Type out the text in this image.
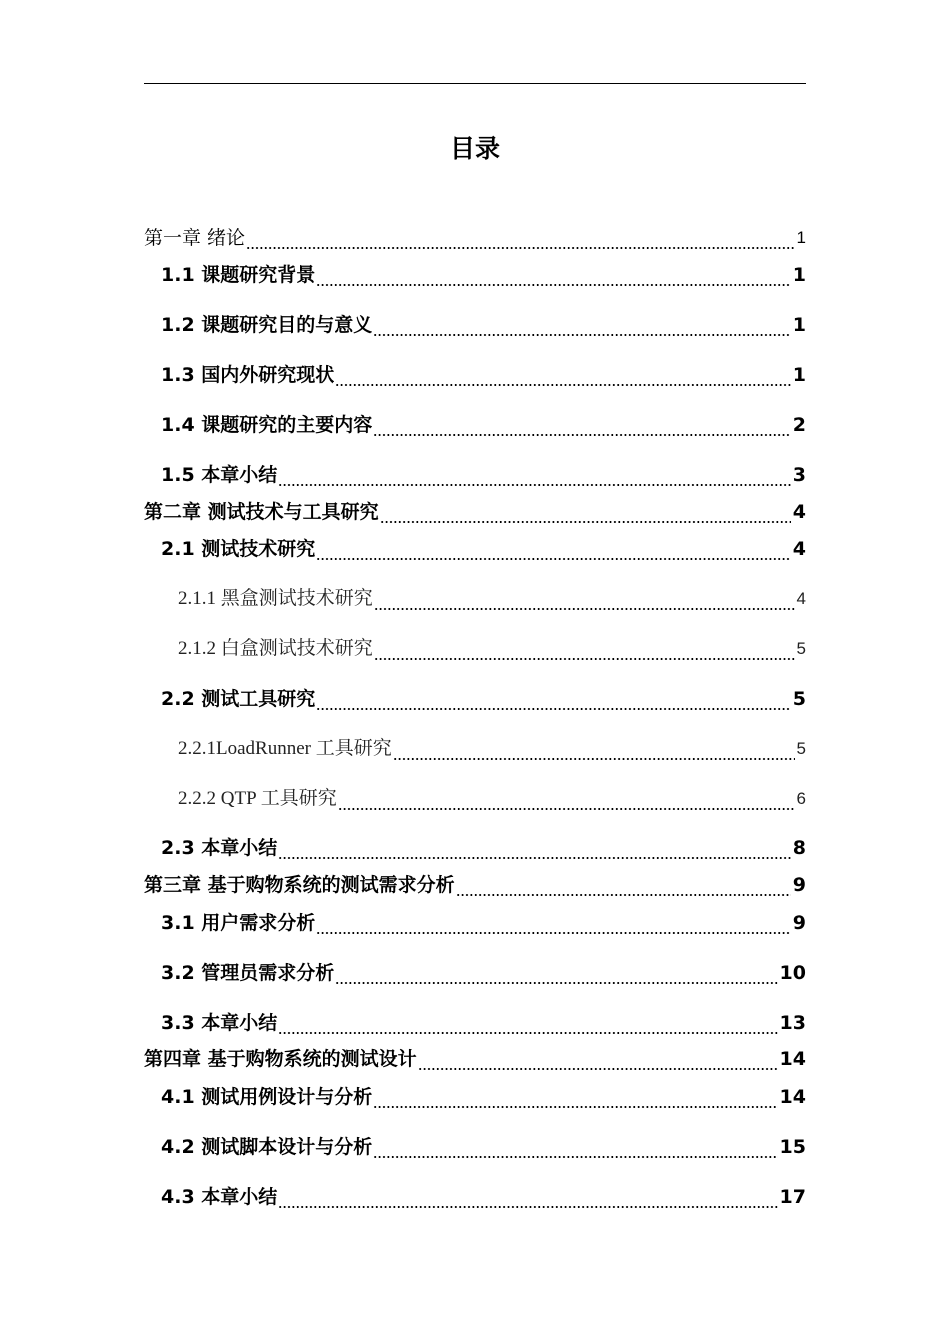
目录
第一章 绪论	1
1.1 课题研究背景	1
1.2 课题研究目的与意义	1
1.3 国内外研究现状	1
1.4 课题研究的主要内容	2
1.5 本章小结	3
第二章 测试技术与工具研究	4
2.1 测试技术研究	4
2.1.1 黑盒测试技术研究	4
2.1.2 白盒测试技术研究	5
2.2 测试工具研究	5
2.2.1LoadRunner 工具研究	5
2.2.2 QTP 工具研究	6
2.3 本章小结	8
第三章 基于购物系统的测试需求分析	9
3.1 用户需求分析	9
3.2 管理员需求分析	10
3.3 本章小结	13
第四章 基于购物系统的测试设计	14
4.1 测试用例设计与分析	14
4.2 测试脚本设计与分析	15
4.3 本章小结	17
